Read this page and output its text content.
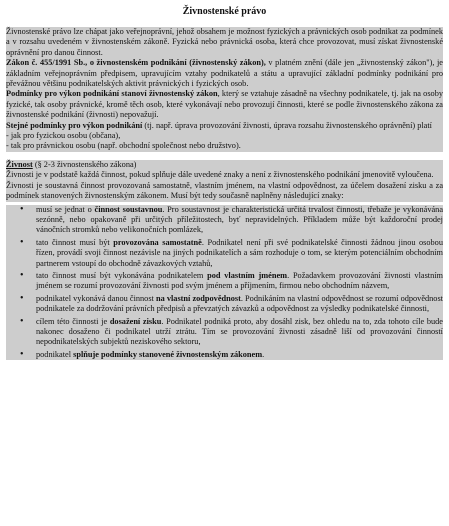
Živnostenské právo

Živnostenské právo lze chápat jako veřejnoprávní, jehož obsahem je možnost fyzických a právnických osob podnikat za podmínek a v rozsahu uvedeném v živnostenském zákoně. Fyzická nebo právnická osoba, která chce provozovat, musí získat živnostenské oprávnění pro danou činnost.

Zákon č. 455/1991 Sb., o živnostenském podnikání (živnostenský zákon), v platném znění (dále jen „živnostenský zákon"), je základním veřejnoprávním předpisem, upravujícím vztahy podnikatelů a státu a upravující základní podmínky podnikání pro převážnou většinu podnikatelských aktivit právnických i fyzických osob.

Podmínky pro výkon podnikání stanoví živnostenský zákon, který se vztahuje zásadně na všechny podnikatele, tj. jak na osoby fyzické, tak osoby právnické, kromě těch osob, které vykonávají nebo provozují činnosti, které se podle živnostenského zákona za živnostenské podnikání (živnosti) nepovažují.

Stejné podmínky pro výkon podnikání (tj. např. úprava provozování živnosti, úprava rozsahu živnostenského oprávnění) platí

- jak pro fyzickou osobu (občana),
- tak pro právnickou osobu (např. obchodní společnost nebo družstvo).

Živnost (§ 2-3 živnostenského zákona)

Živnosti je v podstatě každá činnost, pokud splňuje dále uvedené znaky a není z živnostenského podnikání jmenovitě vyloučena.

Živnosti je soustavná činnost provozovaná samostatně, vlastním jménem, na vlastní odpovědnost, za účelem dosažení zisku a za podmínek stanovených živnostenským zákonem. Musí být tedy současně naplněny následující znaky:

• musí se jednat o činnost soustavnou. Pro soustavnost je charakteristická určitá trvalost činnosti, třebaže je vykonávána sezónně, nebo opakovaně při určitých příležitostech, byť nepravidelných. Příkladem může být každoroční prodej vánočních stromků nebo velikonočních pomlázek,
• tato činnost musí být provozována samostatně. Podnikatel není při své podnikatelské činnosti žádnou jinou osobou řízen, provádí svoji činnost nezávisle na jiných podnikatelích a sám rozhoduje o tom, se kterým potenciálním obchodním partnerem vstoupí do obchodně závazkových vztahů,
• tato činnost musí být vykonávána podnikatelem pod vlastním jménem. Požadavkem provozování živnosti vlastním jménem se rozumí provozování živnosti pod svým jménem a příjmením, firmou nebo obchodním názvem,
• podnikatel vykonává danou činnost na vlastní zodpovědnost. Podnikáním na vlastní odpovědnost se rozumí odpovědnost podnikatele za dodržování právních předpisů a převzatých závazků a odpovědnost za výsledky podnikatelské činnosti,
• cílem této činnosti je dosažení zisku. Podnikatel podniká proto, aby dosáhl zisk, bez ohledu na to, zda tohoto cíle bude nakonec dosaženo či podnikatel utrží ztrátu. Tím se provozování živnosti zásadně liší od provozování činností nepodnikatelských subjektů neziskového sektoru,
• podnikatel splňuje podmínky stanovené živnostenským zákonem.
